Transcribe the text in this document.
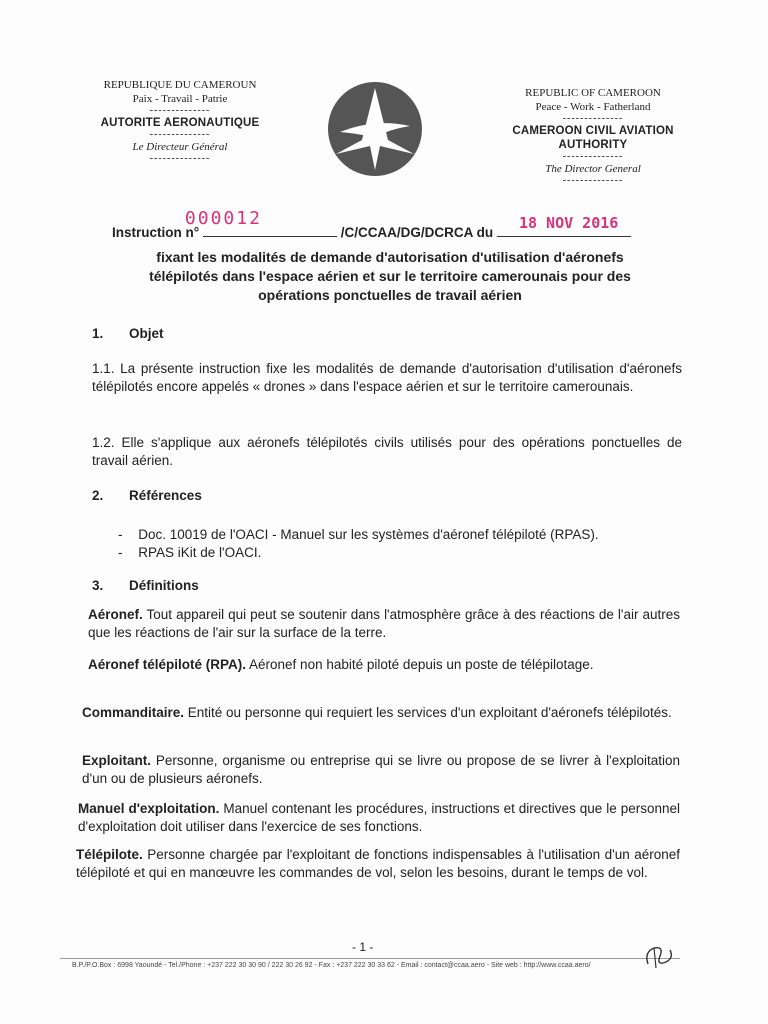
REPUBLIQUE DU CAMEROUN
Paix - Travail - Patrie
--------------
AUTORITE AERONAUTIQUE
--------------
Le Directeur Général
--------------
REPUBLIC OF CAMEROON
Peace - Work - Fatherland
--------------
CAMEROON CIVIL AVIATION AUTHORITY
--------------
The Director General
--------------
Instruction n°
000012
/C/CCAA/DG/DCRCA du
18 NOV 2016
fixant les modalités de demande d'autorisation d'utilisation d'aéronefs
télépilotés dans l'espace aérien et sur le territoire camerounais pour des
opérations ponctuelles de travail aérien
1. Objet
1.1. La présente instruction fixe les modalités de demande d'autorisation d'utilisation d'aéronefs télépilotés encore appelés « drones » dans l'espace aérien et sur le territoire camerounais.
1.2. Elle s'applique aux aéronefs télépilotés civils utilisés pour des opérations ponctuelles de travail aérien.
2. Références
- Doc. 10019 de l'OACI - Manuel sur les systèmes d'aéronef télépiloté (RPAS).
- RPAS iKit de l'OACI.
3. Définitions
Aéronef. Tout appareil qui peut se soutenir dans l'atmosphère grâce à des réactions de l'air autres que les réactions de l'air sur la surface de la terre.
Aéronef télépiloté (RPA). Aéronef non habité piloté depuis un poste de télépilotage.
Commanditaire. Entité ou personne qui requiert les services d'un exploitant d'aéronefs télépilotés.
Exploitant. Personne, organisme ou entreprise qui se livre ou propose de se livrer à l'exploitation d'un ou de plusieurs aéronefs.
Manuel d'exploitation. Manuel contenant les procédures, instructions et directives que le personnel d'exploitation doit utiliser dans l'exercice de ses fonctions.
Télépilote. Personne chargée par l'exploitant de fonctions indispensables à l'utilisation d'un aéronef télépiloté et qui en manœuvre les commandes de vol, selon les besoins, durant le temps de vol.
- 1 -
B.P./P.O.Box : 6998 Yaoundé - Tel./Phone : +237 222 30 30 90 / 222 30 26 92 - Fax : +237 222 30 33 62 - Email : contact@ccaa.aero - Site web : http://www.ccaa.aero/
